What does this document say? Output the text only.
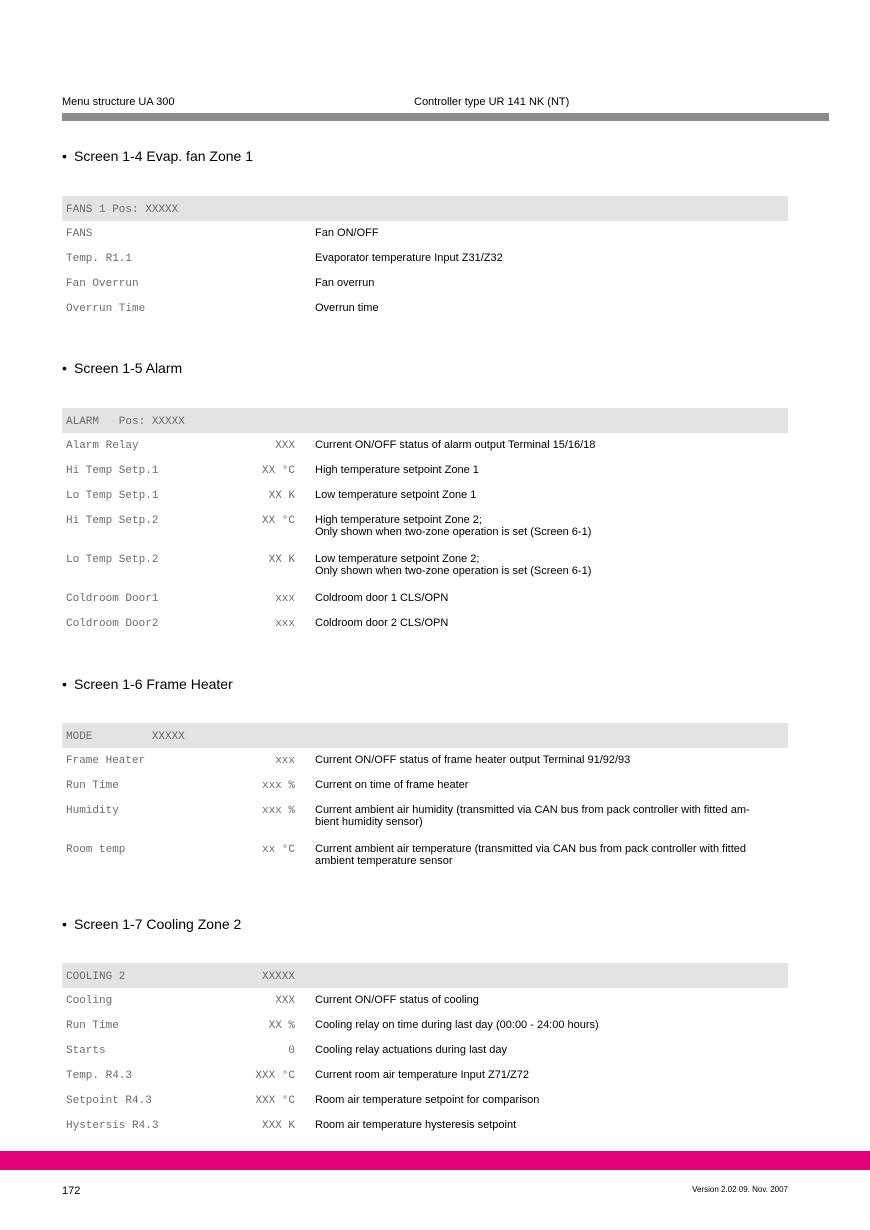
Menu structure UA 300	Controller type UR 141 NK (NT)
• Screen 1-4 Evap. fan Zone 1
FANS 1 Pos: XXXXX
FANS	Fan ON/OFF
Temp. R1.1	Evaporator temperature Input Z31/Z32
Fan Overrun	Fan overrun
Overrun Time	Overrun time
• Screen 1-5 Alarm
ALARM   Pos: XXXXX
Alarm Relay	XXX Current ON/OFF status of alarm output Terminal 15/16/18
Hi Temp Setp.1	XX °C High temperature setpoint Zone 1
Lo Temp Setp.1	XX K Low temperature setpoint Zone 1
Hi Temp Setp.2	XX °C High temperature setpoint Zone 2;
Only shown when two-zone operation is set (Screen 6-1)
Lo Temp Setp.2	XX K Low temperature setpoint Zone 2;
Only shown when two-zone operation is set (Screen 6-1)
Coldroom Door1	xxx Coldroom door 1 CLS/OPN
Coldroom Door2	xxx Coldroom door 2 CLS/OPN
• Screen 1-6 Frame Heater
MODE         XXXXX
Frame Heater	xxx Current ON/OFF status of frame heater output Terminal 91/92/93
Run Time	xxx % Current on time of frame heater
Humidity	xxx % Current ambient air humidity (transmitted via CAN bus from pack controller with fitted am-
bient humidity sensor)
Room temp	xx °C Current ambient air temperature (transmitted via CAN bus from pack controller with fitted
ambient temperature sensor
• Screen 1-7 Cooling Zone 2
COOLING 2	XXXXX
Cooling	XXX Current ON/OFF status of cooling
Run Time	XX % Cooling relay on time during last day (00:00 - 24:00 hours)
Starts	0 Cooling relay actuations during last day
Temp. R4.3	XXX °C Current room air temperature Input Z71/Z72
Setpoint R4.3	XXX °C Room air temperature setpoint for comparison
Hystersis R4.3	XXX K Room air temperature hysteresis setpoint
172	Version 2.02 09. Nov. 2007
